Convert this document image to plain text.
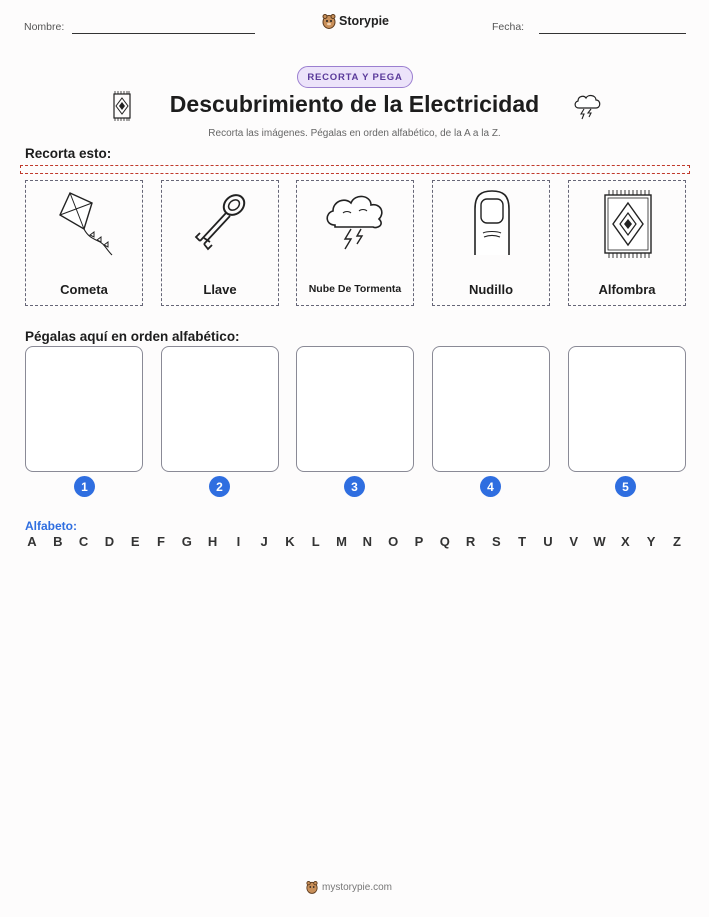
Nombre:	Storypie	Fecha:
RECORTA Y PEGA
Descubrimiento de la Electricidad
Recorta las imágenes. Pégalas en orden alfabético, de la A a la Z.
Recorta esto:
Cometa	Llave	Nube De Tormenta	Nudillo	Alfombra
Pégalas aquí en orden alfabético:
1	2	3	4	5
Alfabeto:
A B C D E F G H	I	J K L M N O P Q R S T U V W X Y Z
mystorypie.com
